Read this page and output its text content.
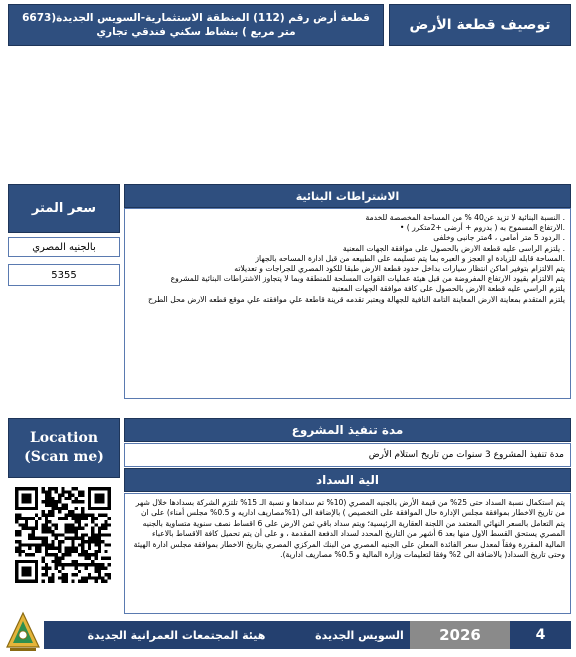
قطعة أرض رقم (112) المنطقة الاستثمارية-السويس الجديدة(6673 متر مربع ) بنشاط سكني فندقي تجاري	توصيف قطعة الأرض
سعر المتر
بالجنيه المصري
5355
الاشتراطات البنائية
. النسبة البنائية لا تزيد عن40 % من المساحة المخصصة للخدمة
.الارتفاع المسموح به ( بدروم + أرضى +2متكرر ) •
. الردود 5 متر أمامى ، 4متر جانبى وخلفى
. يلتزم الراسى عليه قطعة الارض بالحصول على موافقة الجهات المعنية
.المساحة قابله للزيادة او العجز و العبره بما يتم تسليمه على الطبيعه من قبل ادارة المساحه بالجهاز
يتم الالتزام بتوفير اماكن انتظار سيارات بداخل حدود قطعة الارض طبقا للكود المصري للجراجات و تعديلاته
يتم الالتزام بقيود الارتفاع المفروضة من قبل هيئة عمليات القوات المسلحة للمنطقة وبما لا يتجاوز الاشتراطات البنائية للمشروع
يلتزم الراسي عليه قطعة الارض بالحصول على كافة موافقة الجهات المعنية
يلتزم المتقدم بمعاينة الارض المعاينة التامة النافية للجهالة ويعتبر تقدمه قرينة قاطعة علي موافقته علي موقع قطعه الارض محل الطرح
Location
(Scan me)
مدة تنفيذ المشروع
مدة تنفيذ المشروع 3 سنوات من تاريخ استلام الأرض
الية السداد
يتم استكمال نسبة السداد حتى 25% من قيمة الأرض بالجنيه المصري (10% تم سدادها و نسبة الـ 15% تلتزم الشركة بسدادها خلال شهر من تاريخ الاخطار بموافقة مجلس الإدارة حال الموافقة على التخصيص ) بالإضافة الى (1%مصاريف اداريه و 0.5% مجلس أمناء) على ان يتم التعامل بالسعر النهائي المعتمد من اللجنة العقارية الرئيسية؛ ويتم سداد باقي ثمن الارض على 6 اقساط نصف سنوية متساوية بالجنيه المصري يستحق القسط الاول منها بعد 6 أشهر من التاريخ المحدد لسداد الدفعة المقدمة ، و على أن يتم تحميل كافة الاقساط بالاعباء المالية المقررة وفقاً لمعدل سعر الفائدة المعلن على الجنيه المصري من البنك المركزي المصري بتاريخ الاخطار بموافقة مجلس ادارة الهيئة وحتى تاريخ السداد( بالاضافة الى 2% وفقا لتعليمات وزارة المالية و 0.5% مصاريف ادارية).
4
2026
السويس الجديدة
هيئة المجتمعات العمرانية الجديدة
